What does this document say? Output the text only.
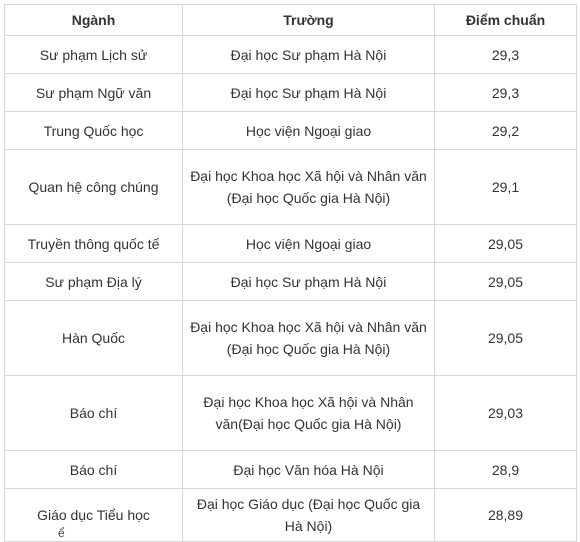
Ngành	Trường	Điểm chuẩn
Sư phạm Lịch sử	Đại học Sư phạm Hà Nội	29,3
Sư phạm Ngữ văn	Đại học Sư phạm Hà Nội	29,3
Trung Quốc học	Học viện Ngoại giao	29,2
Quan hệ công chúng	Đại học Khoa học Xã hội và Nhân văn (Đại học Quốc gia Hà Nội)	29,1
Truyền thông quốc tế	Học viện Ngoại giao	29,05
Sư phạm Địa lý	Đại học Sư phạm Hà Nội	29,05
Hàn Quốc	Đại học Khoa học Xã hội và Nhân văn (Đại học Quốc gia Hà Nội)	29,05
Báo chí	Đại học Khoa học Xã hội và Nhân văn(Đại học Quốc gia Hà Nội)	29,03
Báo chí	Đại học Văn hóa Hà Nội	28,9
Giáo dục Tiểu học	Đại học Giáo dục (Đại học Quốc gia Hà Nội)	28,89
ể
